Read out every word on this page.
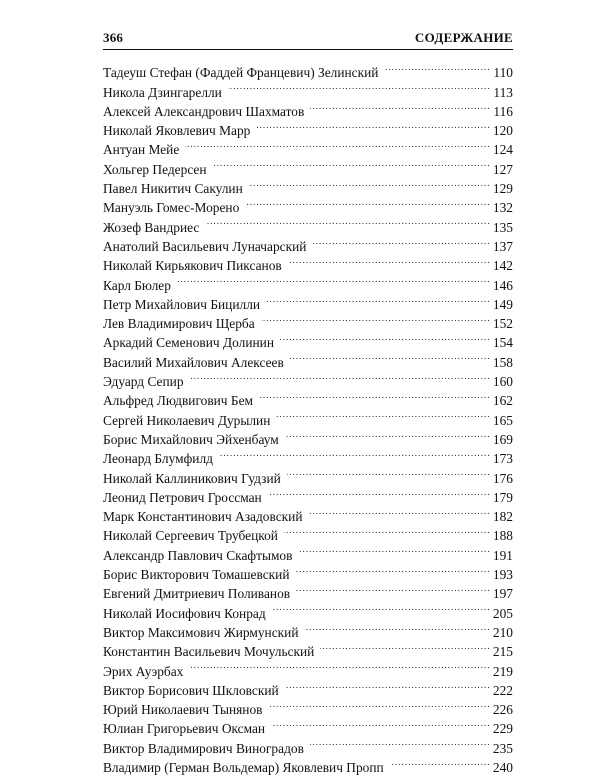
366	СОДЕРЖАНИЕ
Тадеуш Стефан (Фаддей Францевич) Зелинский . . .	110
Никола Дзингарелли . . .	113
Алексей Александрович Шахматов . . .	116
Николай Яковлевич Марр . . .	120
Антуан Мейе . . .	124
Хольгер Педерсен . . .	127
Павел Никитич Сакулин . . .	129
Мануэль Гомес-Морено . . .	132
Жозеф Вандриес . . .	135
Анатолий Васильевич Луначарский . . .	137
Николай Кирьякович Пиксанов . . .	142
Карл Бюлер . . .	146
Петр Михайлович Бицилли . . .	149
Лев Владимирович Щерба . . .	152
Аркадий Семенович Долинин . . .	154
Василий Михайлович Алексеев . . .	158
Эдуард Сепир . . .	160
Альфред Людвигович Бем . . .	162
Сергей Николаевич Дурылин . . .	165
Борис Михайлович Эйхенбаум . . .	169
Леонард Блумфилд . . .	173
Николай Каллиникович Гудзий . . .	176
Леонид Петрович Гроссман . . .	179
Марк Константинович Азадовский . . .	182
Николай Сергеевич Трубецкой . . .	188
Александр Павлович Скафтымов . . .	191
Борис Викторович Томашевский . . .	193
Евгений Дмитриевич Поливанов . . .	197
Николай Иосифович Конрад . . .	205
Виктор Максимович Жирмунский . . .	210
Константин Васильевич Мочульский . . .	215
Эрих Ауэрбах . . .	219
Виктор Борисович Шкловский . . .	222
Юрий Николаевич Тынянов . . .	226
Юлиан Григорьевич Оксман . . .	229
Виктор Владимирович Виноградов . . .	235
Владимир (Герман Вольдемар) Яковлевич Пропп . . .	240
